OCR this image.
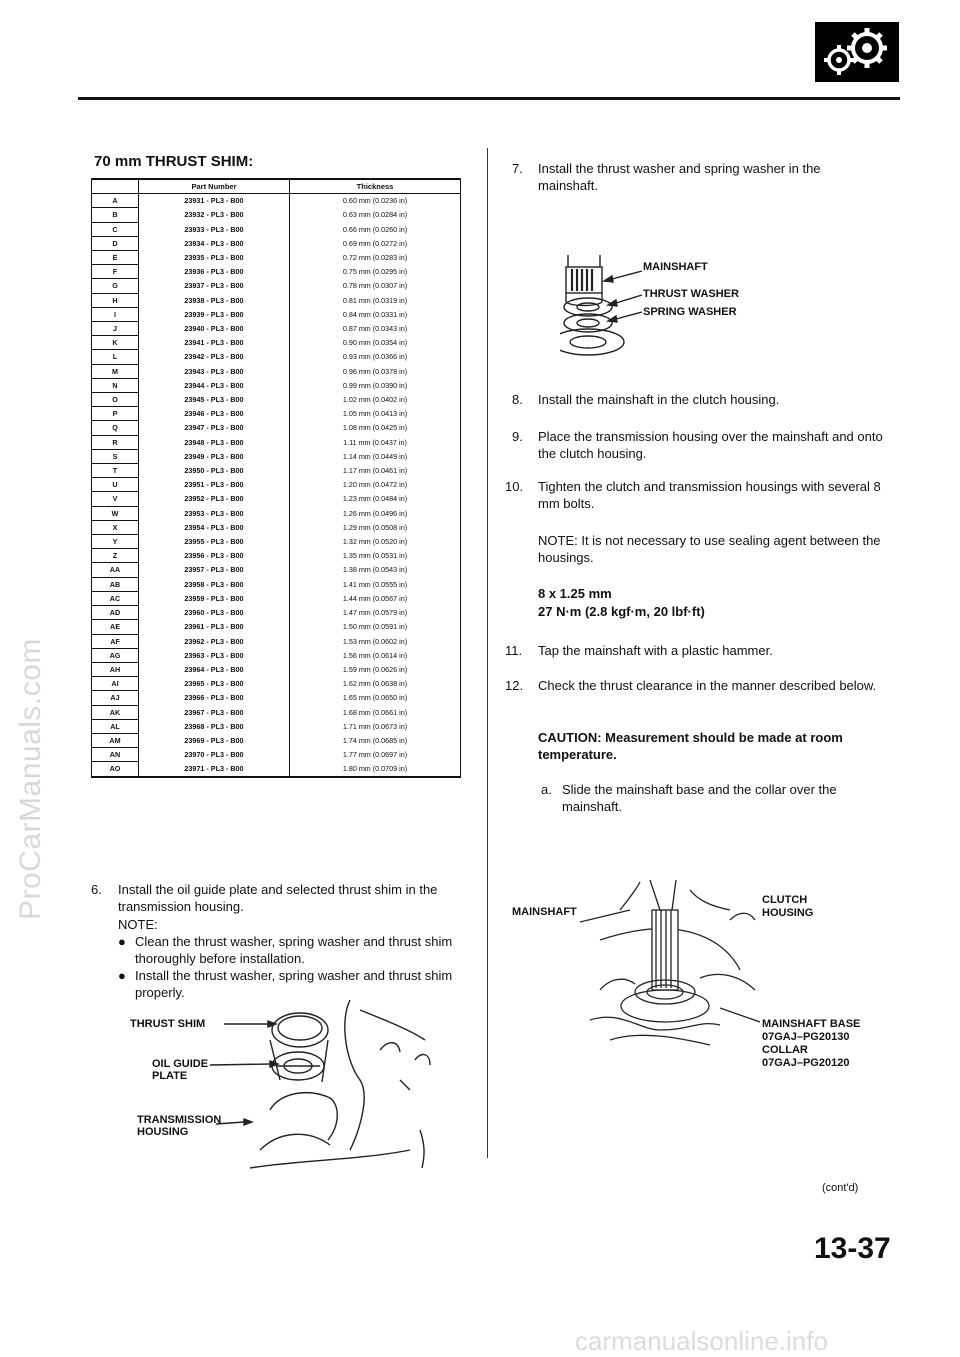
ProCarManuals.com
carmanualsonline.info
70 mm THRUST SHIM:
	Part Number	Thickness
A	23931 - PL3 - B00	0.60 mm (0.0236 in)
B	23932 - PL3 - B00	0.63 mm (0.0284 in)
C	23933 - PL3 - B00	0.66 mm (0.0260 in)
D	23934 - PL3 - B00	0.69 mm (0.0272 in)
E	23935 - PL3 - B00	0.72 mm (0.0283 in)
F	23936 - PL3 - B00	0.75 mm (0.0295 in)
G	23937 - PL3 - B00	0.78 mm (0.0307 in)
H	23938 - PL3 - B00	0.81 mm (0.0319 in)
I	23939 - PL3 - B00	0.84 mm (0.0331 in)
J	23940 - PL3 - B00	0.87 mm (0.0343 in)
K	23941 - PL3 - B00	0.90 mm (0.0354 in)
L	23942 - PL3 - B00	0.93 mm (0.0366 in)
M	23943 - PL3 - B00	0.96 mm (0.0378 in)
N	23944 - PL3 - B00	0.99 mm (0.0390 in)
O	23945 - PL3 - B00	1.02 mm (0.0402 in)
P	23946 - PL3 - B00	1.05 mm (0.0413 in)
Q	23947 - PL3 - B00	1.08 mm (0.0425 in)
R	23948 - PL3 - B00	1.11 mm (0.0437 in)
S	23949 - PL3 - B00	1.14 mm (0.0449 in)
T	23950 - PL3 - B00	1.17 mm (0.0461 in)
U	23951 - PL3 - B00	1.20 mm (0.0472 in)
V	23952 - PL3 - B00	1.23 mm (0.0484 in)
W	23953 - PL3 - B00	1.26 mm (0.0496 in)
X	23954 - PL3 - B00	1.29 mm (0.0508 in)
Y	23955 - PL3 - B00	1.32 mm (0.0520 in)
Z	23956 - PL3 - B00	1.35 mm (0.0531 in)
AA	23957 - PL3 - B00	1.38 mm (0.0543 in)
AB	23958 - PL3 - B00	1.41 mm (0.0555 in)
AC	23959 - PL3 - B00	1.44 mm (0.0567 in)
AD	23960 - PL3 - B00	1.47 mm (0.0579 in)
AE	23961 - PL3 - B00	1.50 mm (0.0591 in)
AF	23962 - PL3 - B00	1.53 mm (0.0602 in)
AG	23963 - PL3 - B00	1.56 mm (0.0614 in)
AH	23964 - PL3 - B00	1.59 mm (0.0626 in)
AI	23965 - PL3 - B00	1.62 mm (0.0638 in)
AJ	23966 - PL3 - B00	1.65 mm (0.0650 in)
AK	23967 - PL3 - B00	1.68 mm (0.0661 in)
AL	23968 - PL3 - B00	1.71 mm (0.0673 in)
AM	23969 - PL3 - B00	1.74 mm (0.0685 in)
AN	23970 - PL3 - B00	1.77 mm (0.0697 in)
AO	23971 - PL3 - B00	1.80 mm (0.0709 in)
6. Install the oil guide plate and selected thrust shim in the transmission housing.
NOTE:
● Clean the thrust washer, spring washer and thrust shim thoroughly before installation.
● Install the thrust washer, spring washer and thrust shim properly.
THRUST SHIM
OIL GUIDE
PLATE
TRANSMISSION
HOUSING
7. Install the thrust washer and spring washer in the mainshaft.
MAINSHAFT
THRUST WASHER
SPRING WASHER
8. Install the mainshaft in the clutch housing.
9. Place the transmission housing over the mainshaft and onto the clutch housing.
10. Tighten the clutch and transmission housings with several 8 mm bolts.
NOTE: It is not necessary to use sealing agent between the housings.
8 x 1.25 mm
27 N·m (2.8 kgf·m, 20 lbf·ft)
11. Tap the mainshaft with a plastic hammer.
12. Check the thrust clearance in the manner described below.
CAUTION: Measurement should be made at room temperature.
a. Slide the mainshaft base and the collar over the mainshaft.
MAINSHAFT
CLUTCH
HOUSING
MAINSHAFT BASE
07GAJ–PG20130
COLLAR
07GAJ–PG20120
(cont'd)
13-37
